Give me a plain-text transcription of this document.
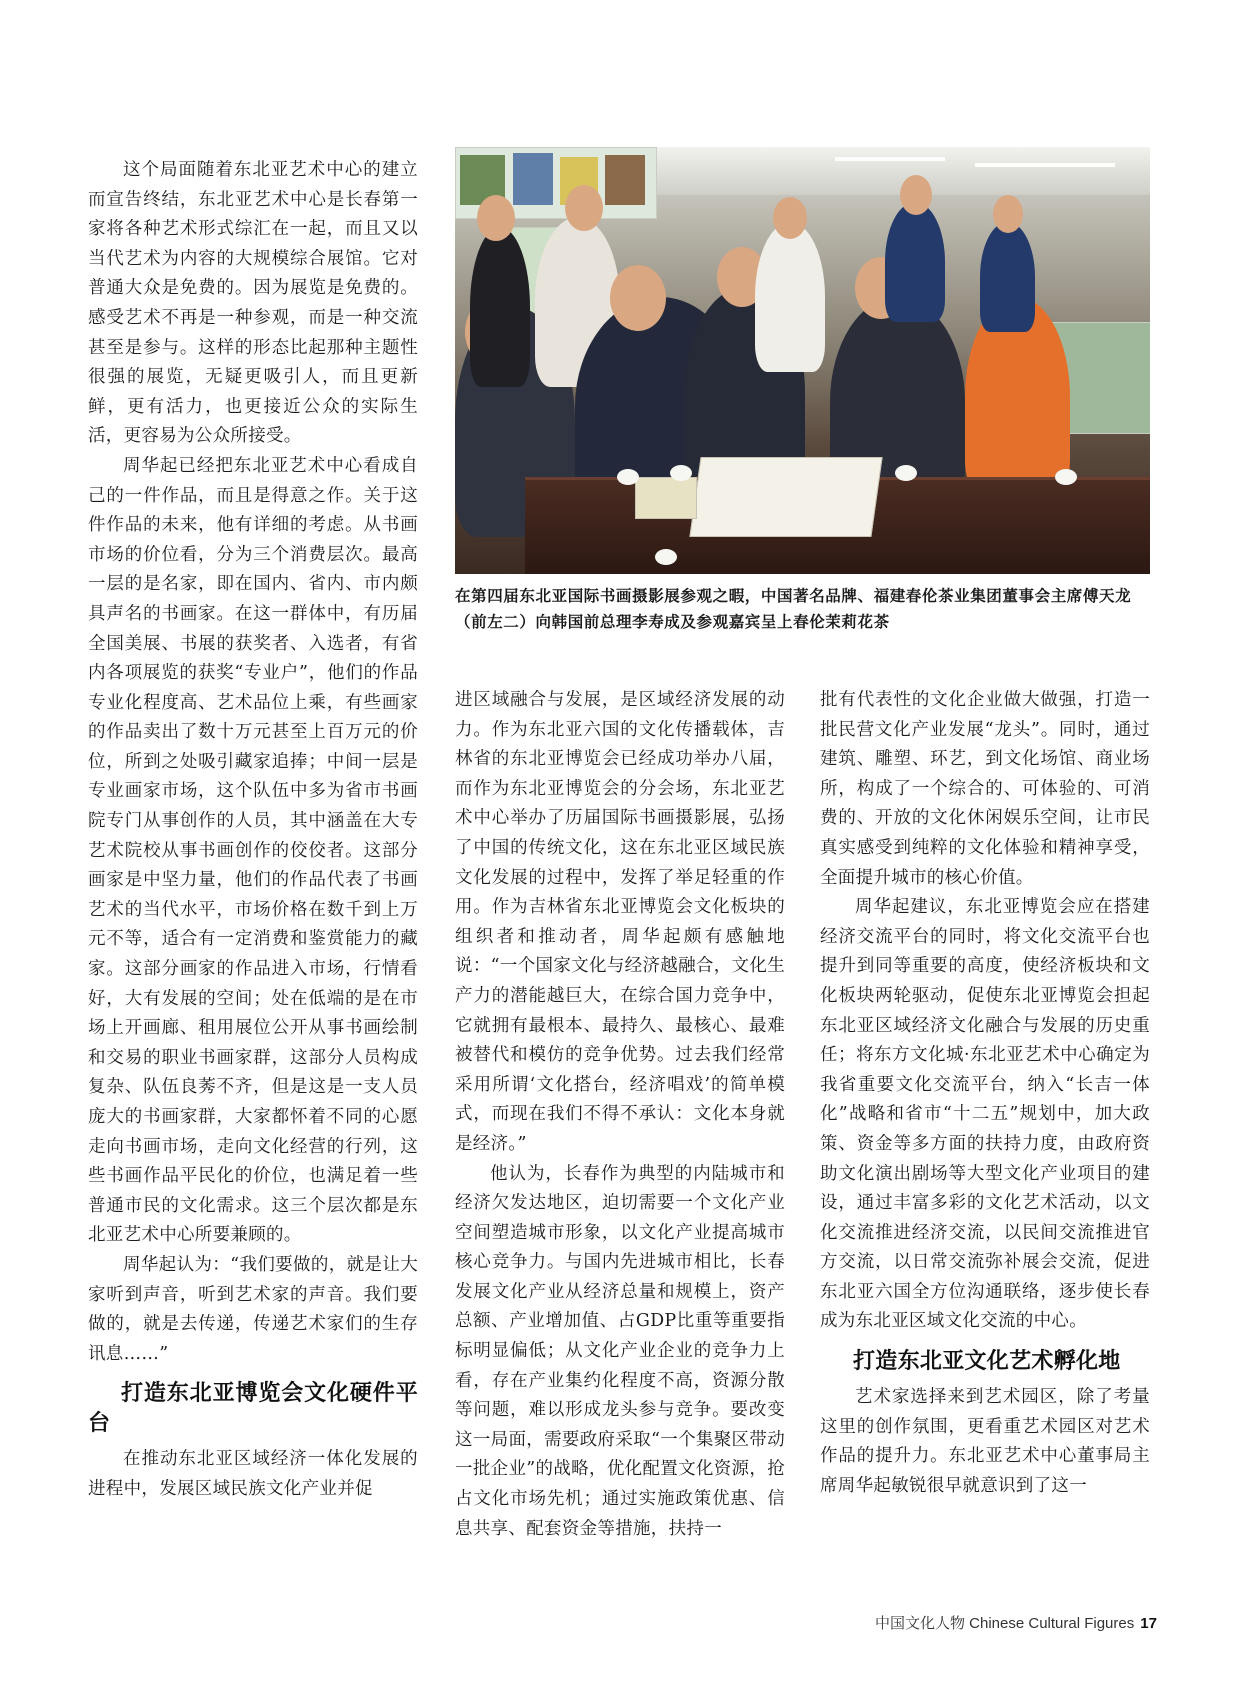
这个局面随着东北亚艺术中心的建立而宣告终结，东北亚艺术中心是长春第一家将各种艺术形式综汇在一起，而且又以当代艺术为内容的大规模综合展馆。它对普通大众是免费的。因为展览是免费的。感受艺术不再是一种参观，而是一种交流甚至是参与。这样的形态比起那种主题性很强的展览，无疑更吸引人，而且更新鲜，更有活力，也更接近公众的实际生活，更容易为公众所接受。

周华起已经把东北亚艺术中心看成自己的一件作品，而且是得意之作。关于这件作品的未来，他有详细的考虑。从书画市场的价位看，分为三个消费层次。最高一层的是名家，即在国内、省内、市内颇具声名的书画家。在这一群体中，有历届全国美展、书展的获奖者、入选者，有省内各项展览的获奖“专业户”，他们的作品专业化程度高、艺术品位上乘，有些画家的作品卖出了数十万元甚至上百万元的价位，所到之处吸引藏家追捧；中间一层是专业画家市场，这个队伍中多为省市书画院专门从事创作的人员，其中涵盖在大专艺术院校从事书画创作的佼佼者。这部分画家是中坚力量，他们的作品代表了书画艺术的当代水平，市场价格在数千到上万元不等，适合有一定消费和鉴赏能力的藏家。这部分画家的作品进入市场，行情看好，大有发展的空间；处在低端的是在市场上开画廊、租用展位公开从事书画绘制和交易的职业书画家群，这部分人员构成复杂、队伍良莠不齐，但是这是一支人员庞大的书画家群，大家都怀着不同的心愿走向书画市场，走向文化经营的行列，这些书画作品平民化的价位，也满足着一些普通市民的文化需求。这三个层次都是东北亚艺术中心所要兼顾的。

周华起认为：“我们要做的，就是让大家听到声音，听到艺术家的声音。我们要做的，就是去传递，传递艺术家们的生存讯息……”

打造东北亚博览会文化硬件平台

在推动东北亚区域经济一体化发展的进程中，发展区域民族文化产业并促

在第四届东北亚国际书画摄影展参观之暇，中国著名品牌、福建春伦茶业集团董事会主席傅天龙（前左二）向韩国前总理李寿成及参观嘉宾呈上春伦茉莉花茶

进区域融合与发展，是区域经济发展的动力。作为东北亚六国的文化传播载体，吉林省的东北亚博览会已经成功举办八届，而作为东北亚博览会的分会场，东北亚艺术中心举办了历届国际书画摄影展，弘扬了中国的传统文化，这在东北亚区域民族文化发展的过程中，发挥了举足轻重的作用。作为吉林省东北亚博览会文化板块的组织者和推动者，周华起颇有感触地说：“一个国家文化与经济越融合，文化生产力的潜能越巨大，在综合国力竞争中，它就拥有最根本、最持久、最核心、最难被替代和模仿的竞争优势。过去我们经常采用所谓‘文化搭台，经济唱戏’的简单模式，而现在我们不得不承认：文化本身就是经济。”

他认为，长春作为典型的内陆城市和经济欠发达地区，迫切需要一个文化产业空间塑造城市形象，以文化产业提高城市核心竞争力。与国内先进城市相比，长春发展文化产业从经济总量和规模上，资产总额、产业增加值、占GDP比重等重要指标明显偏低；从文化产业企业的竞争力上看，存在产业集约化程度不高，资源分散等问题，难以形成龙头参与竞争。要改变这一局面，需要政府采取“一个集聚区带动一批企业”的战略，优化配置文化资源，抢占文化市场先机；通过实施政策优惠、信息共享、配套资金等措施，扶持一

批有代表性的文化企业做大做强，打造一批民营文化产业发展“龙头”。同时，通过建筑、雕塑、环艺，到文化场馆、商业场所，构成了一个综合的、可体验的、可消费的、开放的文化休闲娱乐空间，让市民真实感受到纯粹的文化体验和精神享受，全面提升城市的核心价值。

周华起建议，东北亚博览会应在搭建经济交流平台的同时，将文化交流平台也提升到同等重要的高度，使经济板块和文化板块两轮驱动，促使东北亚博览会担起东北亚区域经济文化融合与发展的历史重任；将东方文化城·东北亚艺术中心确定为我省重要文化交流平台，纳入“长吉一体化”战略和省市“十二五”规划中，加大政策、资金等多方面的扶持力度，由政府资助文化演出剧场等大型文化产业项目的建设，通过丰富多彩的文化艺术活动，以文化交流推进经济交流，以民间交流推进官方交流，以日常交流弥补展会交流，促进东北亚六国全方位沟通联络，逐步使长春成为东北亚区域文化交流的中心。

打造东北亚文化艺术孵化地

艺术家选择来到艺术园区，除了考量这里的创作氛围，更看重艺术园区对艺术作品的提升力。东北亚艺术中心董事局主席周华起敏锐很早就意识到了这一

中国文化人物 Chinese Cultural Figures 17
